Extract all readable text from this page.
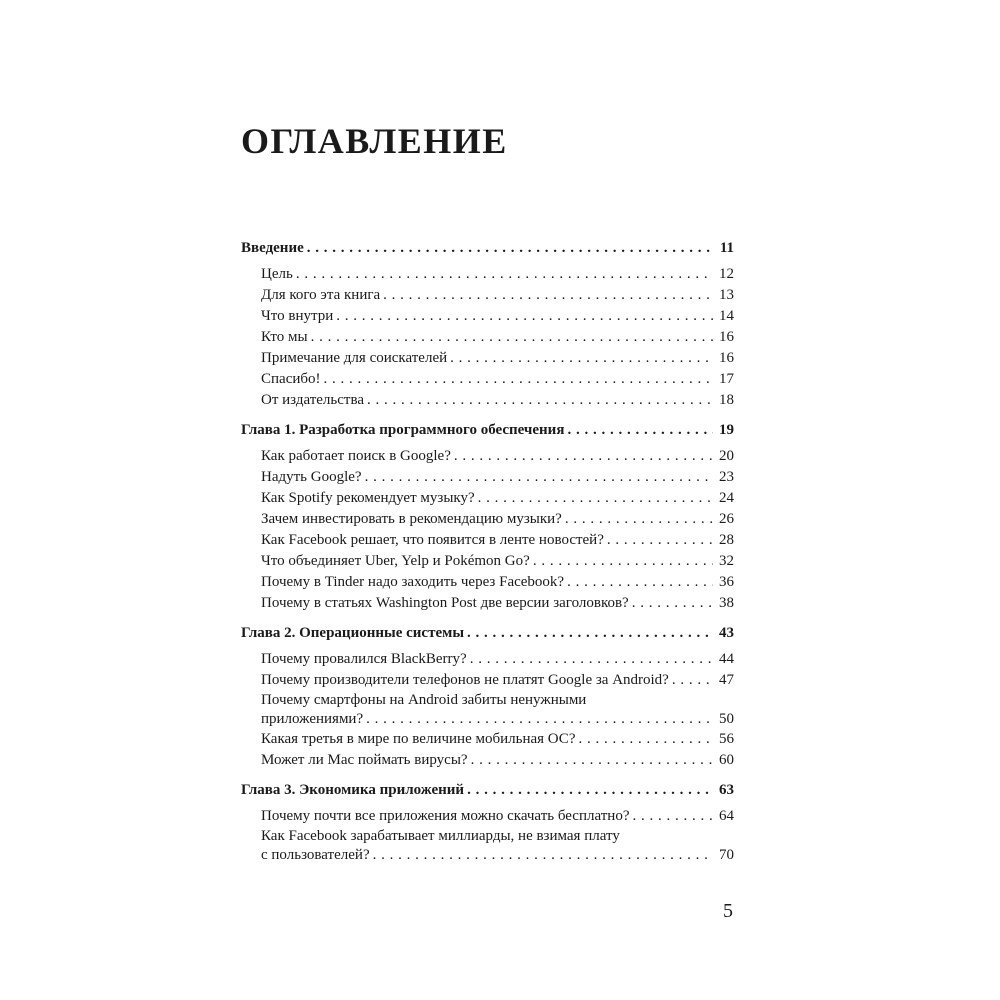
ОГЛАВЛЕНИЕ
Введение . . .	11
Цель . . .	12
Для кого эта книга . . .	13
Что внутри . . .	14
Кто мы . . .	16
Примечание для соискателей . . .	16
Спасибо! . . .	17
От издательства . . .	18
Глава 1. Разработка программного обеспечения . . .	19
Как работает поиск в Google? . . .	20
Надуть Google? . . .	23
Как Spotify рекомендует музыку? . . .	24
Зачем инвестировать в рекомендацию музыки? . . .	26
Как Facebook решает, что появится в ленте новостей? . . .	28
Что объединяет Uber, Yelp и Pokémon Go? . . .	32
Почему в Tinder надо заходить через Facebook? . . .	36
Почему в статьях Washington Post две версии заголовков? . . .	38
Глава 2. Операционные системы . . .	43
Почему провалился BlackBerry? . . .	44
Почему производители телефонов не платят Google за Android? . . .	47
Почему смартфоны на Android забиты ненужными
приложениями? . . .	50
Какая третья в мире по величине мобильная ОС? . . .	56
Может ли Mac поймать вирусы? . . .	60
Глава 3. Экономика приложений . . .	63
Почему почти все приложения можно скачать бесплатно? . . .	64
Как Facebook зарабатывает миллиарды, не взимая плату
с пользователей? . . .	70
5
